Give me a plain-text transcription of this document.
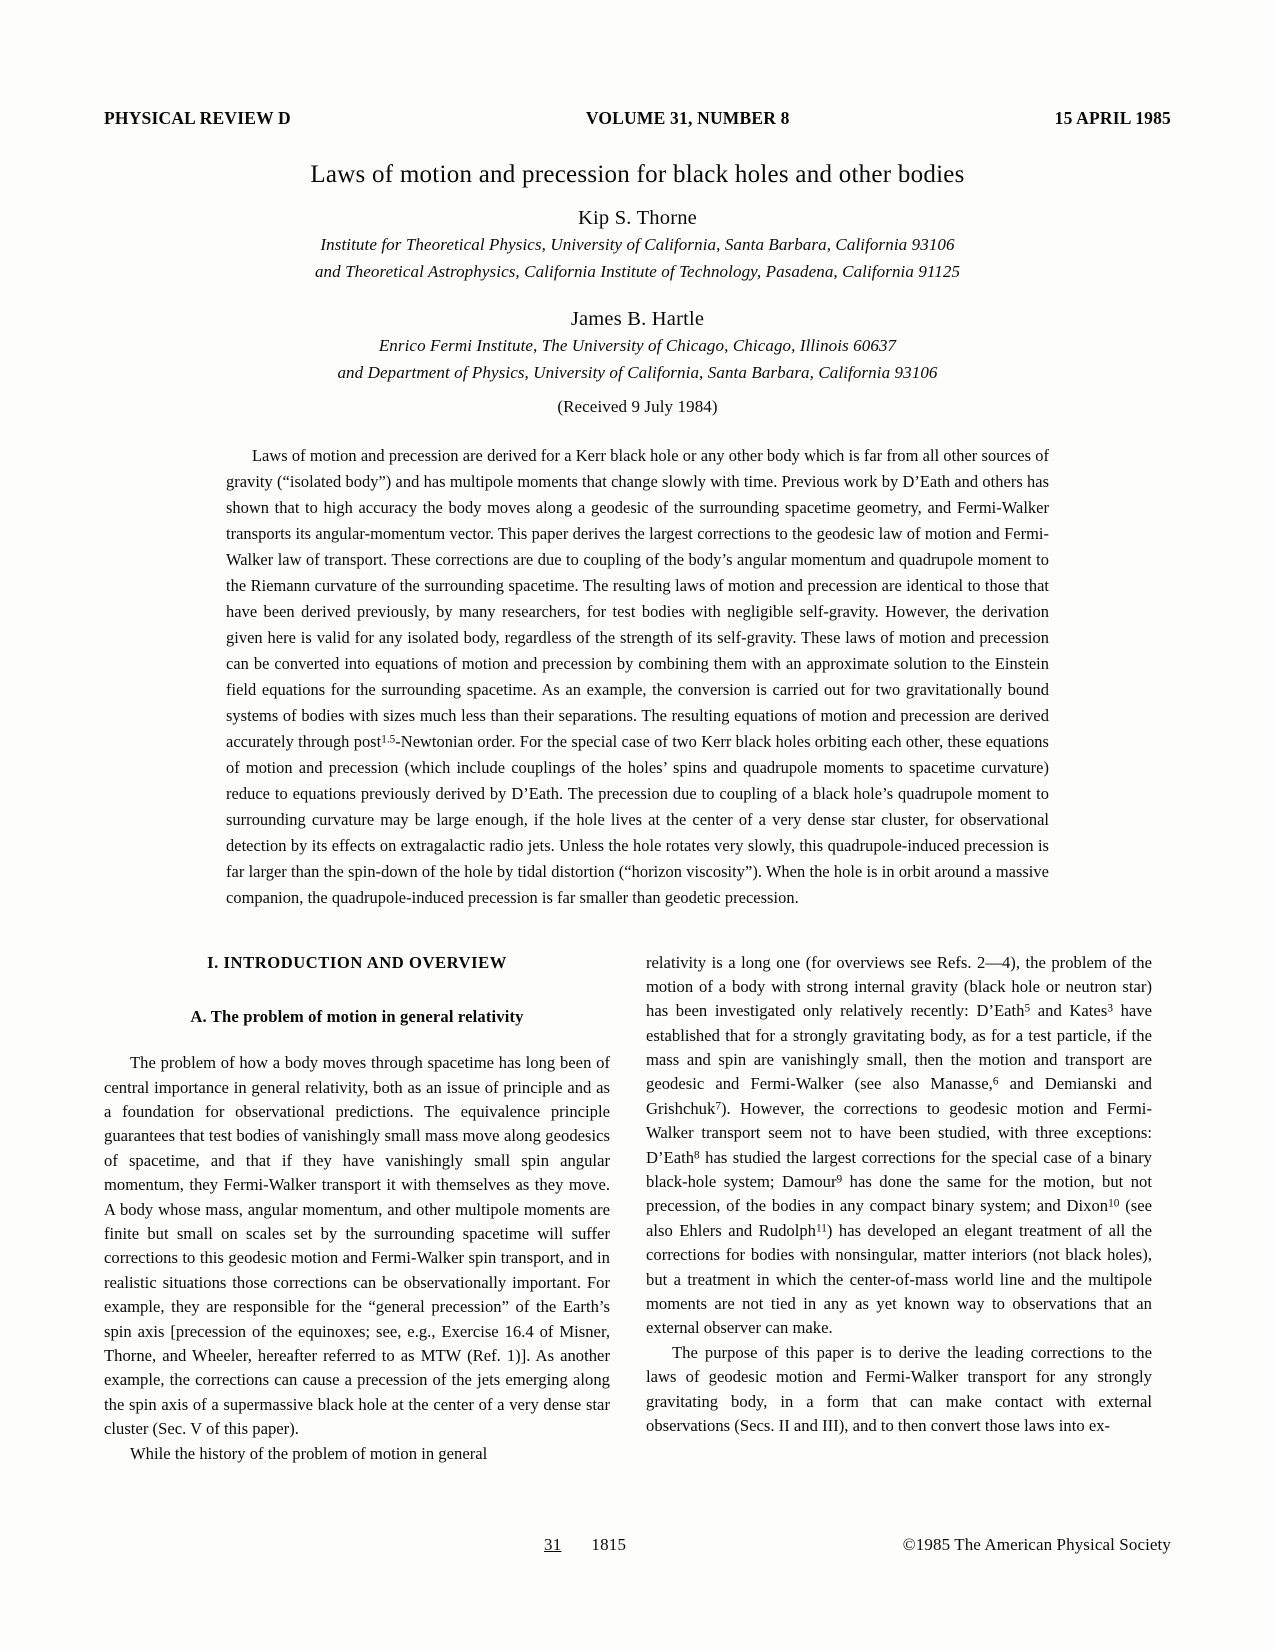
PHYSICAL REVIEW D	VOLUME 31, NUMBER 8	15 APRIL 1985
Laws of motion and precession for black holes and other bodies
Kip S. Thorne
Institute for Theoretical Physics, University of California, Santa Barbara, California 93106
and Theoretical Astrophysics, California Institute of Technology, Pasadena, California 91125
James B. Hartle
Enrico Fermi Institute, The University of Chicago, Chicago, Illinois 60637
and Department of Physics, University of California, Santa Barbara, California 93106
(Received 9 July 1984)

Laws of motion and precession are derived for a Kerr black hole or any other body which is far from all other sources of gravity (“isolated body”) and has multipole moments that change slowly with time. Previous work by D’Eath and others has shown that to high accuracy the body moves along a geodesic of the surrounding spacetime geometry, and Fermi-Walker transports its angular-momentum vector. This paper derives the largest corrections to the geodesic law of motion and Fermi-Walker law of transport. These corrections are due to coupling of the body’s angular momentum and quadrupole moment to the Riemann curvature of the surrounding spacetime. The resulting laws of motion and precession are identical to those that have been derived previously, by many researchers, for test bodies with negligible self-gravity. However, the derivation given here is valid for any isolated body, regardless of the strength of its self-gravity. These laws of motion and precession can be converted into equations of motion and precession by combining them with an approximate solution to the Einstein field equations for the surrounding spacetime. As an example, the conversion is carried out for two gravitationally bound systems of bodies with sizes much less than their separations. The resulting equations of motion and precession are derived accurately through post$^{1.5}$-Newtonian order. For the special case of two Kerr black holes orbiting each other, these equations of motion and precession (which include couplings of the holes’ spins and quadrupole moments to spacetime curvature) reduce to equations previously derived by D’Eath. The precession due to coupling of a black hole’s quadrupole moment to surrounding curvature may be large enough, if the hole lives at the center of a very dense star cluster, for observational detection by its effects on extragalactic radio jets. Unless the hole rotates very slowly, this quadrupole-induced precession is far larger than the spin-down of the hole by tidal distortion (“horizon viscosity”). When the hole is in orbit around a massive companion, the quadrupole-induced precession is far smaller than geodetic precession.

I. INTRODUCTION AND OVERVIEW
A. The problem of motion in general relativity

The problem of how a body moves through spacetime has long been of central importance in general relativity, both as an issue of principle and as a foundation for observational predictions. The equivalence principle guarantees that test bodies of vanishingly small mass move along geodesics of spacetime, and that if they have vanishingly small spin angular momentum, they Fermi-Walker transport it with themselves as they move. A body whose mass, angular momentum, and other multipole moments are finite but small on scales set by the surrounding spacetime will suffer corrections to this geodesic motion and Fermi-Walker spin transport, and in realistic situations those corrections can be observationally important. For example, they are responsible for the “general precession” of the Earth’s spin axis [precession of the equinoxes; see, e.g., Exercise 16.4 of Misner, Thorne, and Wheeler, hereafter referred to as MTW (Ref. 1)]. As another example, the corrections can cause a precession of the jets emerging along the spin axis of a supermassive black hole at the center of a very dense star cluster (Sec. V of this paper).

While the history of the problem of motion in general

relativity is a long one (for overviews see Refs. 2—4), the problem of the motion of a body with strong internal gravity (black hole or neutron star) has been investigated only relatively recently: D’Eath$^5$ and Kates$^3$ have established that for a strongly gravitating body, as for a test particle, if the mass and spin are vanishingly small, then the motion and transport are geodesic and Fermi-Walker (see also Manasse,$^6$ and Demianski and Grishchuk$^7$). However, the corrections to geodesic motion and Fermi-Walker transport seem not to have been studied, with three exceptions: D’Eath$^8$ has studied the largest corrections for the special case of a binary black-hole system; Damour$^9$ has done the same for the motion, but not precession, of the bodies in any compact binary system; and Dixon$^{10}$ (see also Ehlers and Rudolph$^{11}$) has developed an elegant treatment of all the corrections for bodies with nonsingular, matter interiors (not black holes), but a treatment in which the center-of-mass world line and the multipole moments are not tied in any as yet known way to observations that an external observer can make.

The purpose of this paper is to derive the leading corrections to the laws of geodesic motion and Fermi-Walker transport for any strongly gravitating body, in a form that can make contact with external observations (Secs. II and III), and to then convert those laws into ex-

31 1815	©1985 The American Physical Society
